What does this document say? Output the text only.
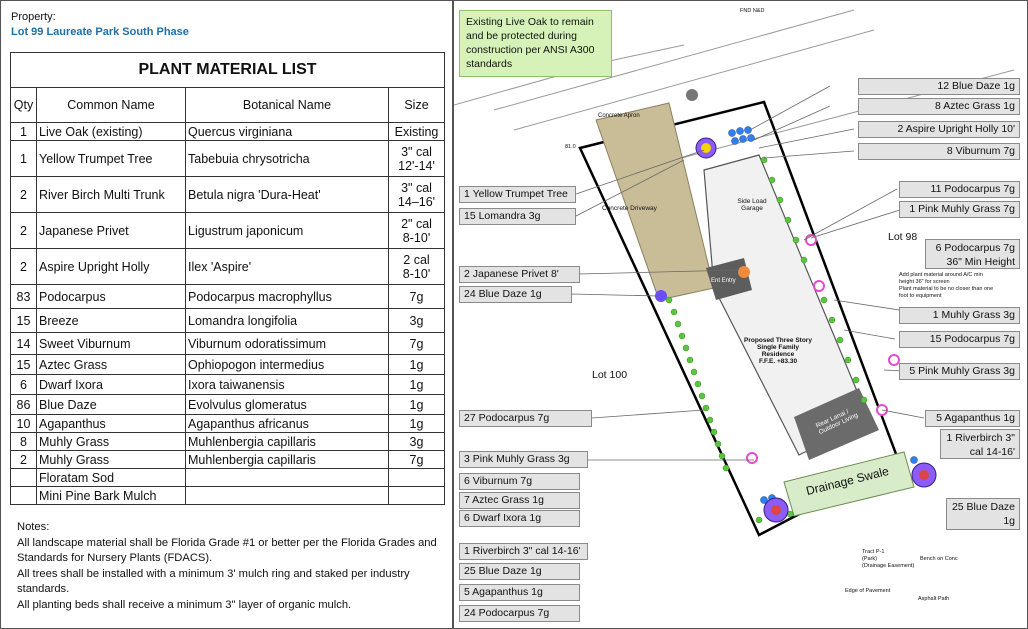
Property:
Lot 99 Laureate Park South Phase
PLANT MATERIAL LIST			
Qty	Common Name	Botanical Name	Size
1	Live Oak (existing)	Quercus virginiana	Existing

1	Yellow Trumpet Tree	Tabebuia chrysotricha	3" cal
12'-14'

2	River Birch Multi Trunk	Betula nigra 'Dura-Heat'	3" cal
14–16'

2	Japanese Privet	Ligustrum japonicum	2" cal
8-10'

2	Aspire Upright Holly	Ilex 'Aspire'	2 cal
8-10'

83	Podocarpus	Podocarpus macrophyllus	7g

15	Breeze	Lomandra longifolia	3g

14	Sweet Viburnum	Viburnum odoratissimum	7g

15	Aztec Grass	Ophiopogon intermedius	1g

6	Dwarf Ixora	Ixora taiwanensis	1g

86	Blue Daze	Evolvulus glomeratus	1g

10	Agapanthus	Agapanthus africanus	1g

8	Muhly Grass	Muhlenbergia capillaris	3g

2	Muhly Grass	Muhlenbergia capillaris	7g

	Floratam Sod		

	Mini Pine Bark Mulch		
Notes:
All landscape material shall be Florida Grade #1 or better per the Florida Grades and Standards for Nursery Plants (FDACS).
All trees shall be installed with a minimum 3' mulch ring and staked per industry standards.
All planting beds shall receive a minimum 3" layer of organic mulch.
Concrete Driveway
Concrete Apron
Side Load Garage
Ent Entry
Proposed Three Story
Single Family
Residence
F.F.E. +83.30
Rear Lanai / Outdoor Living
Drainage Swale
Lot 98
Lot 100
Add plant material around A/C min
height 36" for screen
Plant material to be no closer than one
foot to equipment
Tract P-1
(Park)
(Drainage Easement)
Edge of Pavement
Bench on Conc
Asphalt Path
FND N&D
81.0
Existing Live Oak to remain and be protected during construction per ANSI A300 standards
1 Yellow Trumpet Tree
15 Lomandra 3g
2 Japanese Privet 8'
24 Blue Daze 1g
27 Podocarpus 7g
3 Pink Muhly Grass 3g
6 Viburnum 7g
7 Aztec Grass 1g
6 Dwarf Ixora 1g
1 Riverbirch 3" cal 14-16'
25 Blue Daze 1g
5 Agapanthus 1g
24 Podocarpus 7g
12 Blue Daze 1g
8 Aztec Grass 1g
2 Aspire Upright Holly 10'
8 Viburnum 7g
11 Podocarpus 7g
1 Pink Muhly Grass 7g
6 Podocarpus 7g
36" Min Height
1 Muhly Grass 3g
15 Podocarpus 7g
5 Pink Muhly Grass 3g
5 Agapanthus 1g
1 Riverbirch 3"
cal 14-16'
25 Blue Daze
1g
